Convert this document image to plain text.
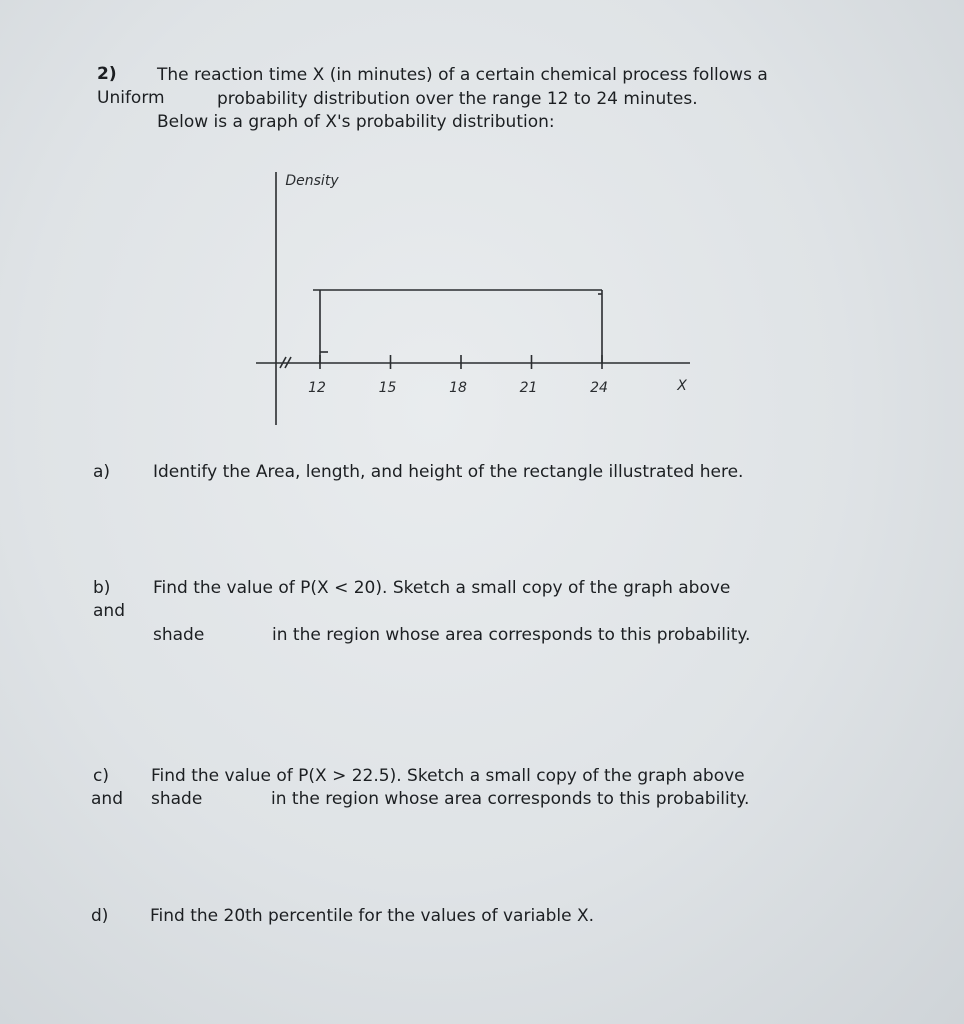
2) The reaction time X (in minutes) of a certain chemical process follows a
Uniform	probability distribution over the range 12 to 24 minutes.
Below is a graph of X's probability distribution:
Density
12	15	18	21	24	X
a)	Identify the Area, length, and height of the rectangle illustrated here.
b)
and
Find the value of P(X < 20). Sketch a small copy of the graph above
shade	in the region whose area corresponds to this probability.
c)
and
Find the value of P(X > 22.5). Sketch a small copy of the graph above
shade	in the region whose area corresponds to this probability.
d) Find the 20th percentile for the values of variable X.
